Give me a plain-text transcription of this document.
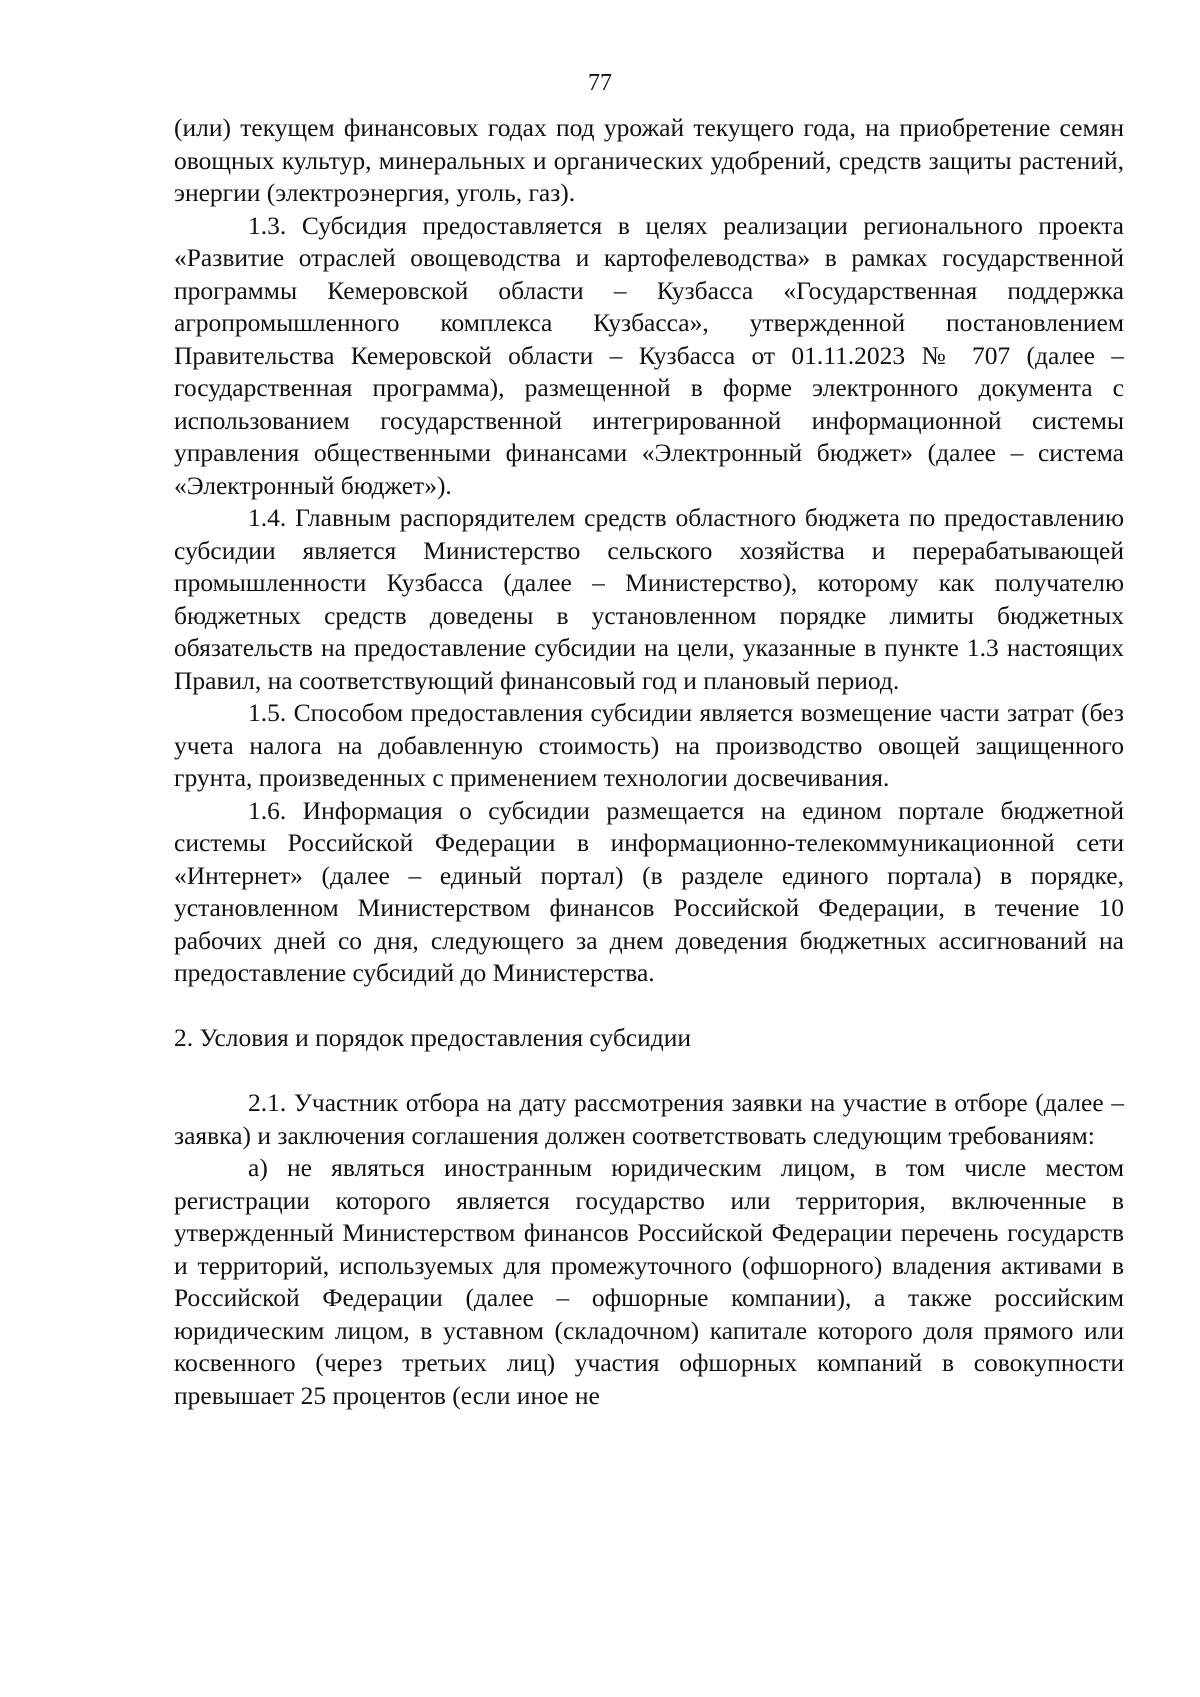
77

(или) текущем финансовых годах под урожай текущего года, на приобретение семян овощных культур, минеральных и органических удобрений, средств защиты растений, энергии (электроэнергия, уголь, газ).

1.3. Субсидия предоставляется в целях реализации регионального проекта «Развитие отраслей овощеводства и картофелеводства» в рамках государственной программы Кемеровской области – Кузбасса «Государственная поддержка агропромышленного комплекса Кузбасса», утвержденной постановлением Правительства Кемеровской области – Кузбасса от 01.11.2023 № 707 (далее – государственная программа), размещенной в форме электронного документа с использованием государственной интегрированной информационной системы управления общественными финансами «Электронный бюджет» (далее – система «Электронный бюджет»).

1.4. Главным распорядителем средств областного бюджета по предоставлению субсидии является Министерство сельского хозяйства и перерабатывающей промышленности Кузбасса (далее – Министерство), которому как получателю бюджетных средств доведены в установленном порядке лимиты бюджетных обязательств на предоставление субсидии на цели, указанные в пункте 1.3 настоящих Правил, на соответствующий финансовый год и плановый период.

1.5. Способом предоставления субсидии является возмещение части затрат (без учета налога на добавленную стоимость) на производство овощей защищенного грунта, произведенных с применением технологии досвечивания.

1.6. Информация о субсидии размещается на едином портале бюджетной системы Российской Федерации в информационно-телекоммуникационной сети «Интернет» (далее – единый портал) (в разделе единого портала) в порядке, установленном Министерством финансов Российской Федерации, в течение 10 рабочих дней со дня, следующего за днем доведения бюджетных ассигнований на предоставление субсидий до Министерства.

2. Условия и порядок предоставления субсидии

2.1. Участник отбора на дату рассмотрения заявки на участие в отборе (далее – заявка) и заключения соглашения должен соответствовать следующим требованиям:

а) не являться иностранным юридическим лицом, в том числе местом регистрации которого является государство или территория, включенные в утвержденный Министерством финансов Российской Федерации перечень государств и территорий, используемых для промежуточного (офшорного) владения активами в Российской Федерации (далее – офшорные компании), а также российским юридическим лицом, в уставном (складочном) капитале которого доля прямого или косвенного (через третьих лиц) участия офшорных компаний в совокупности превышает 25 процентов (если иное не
